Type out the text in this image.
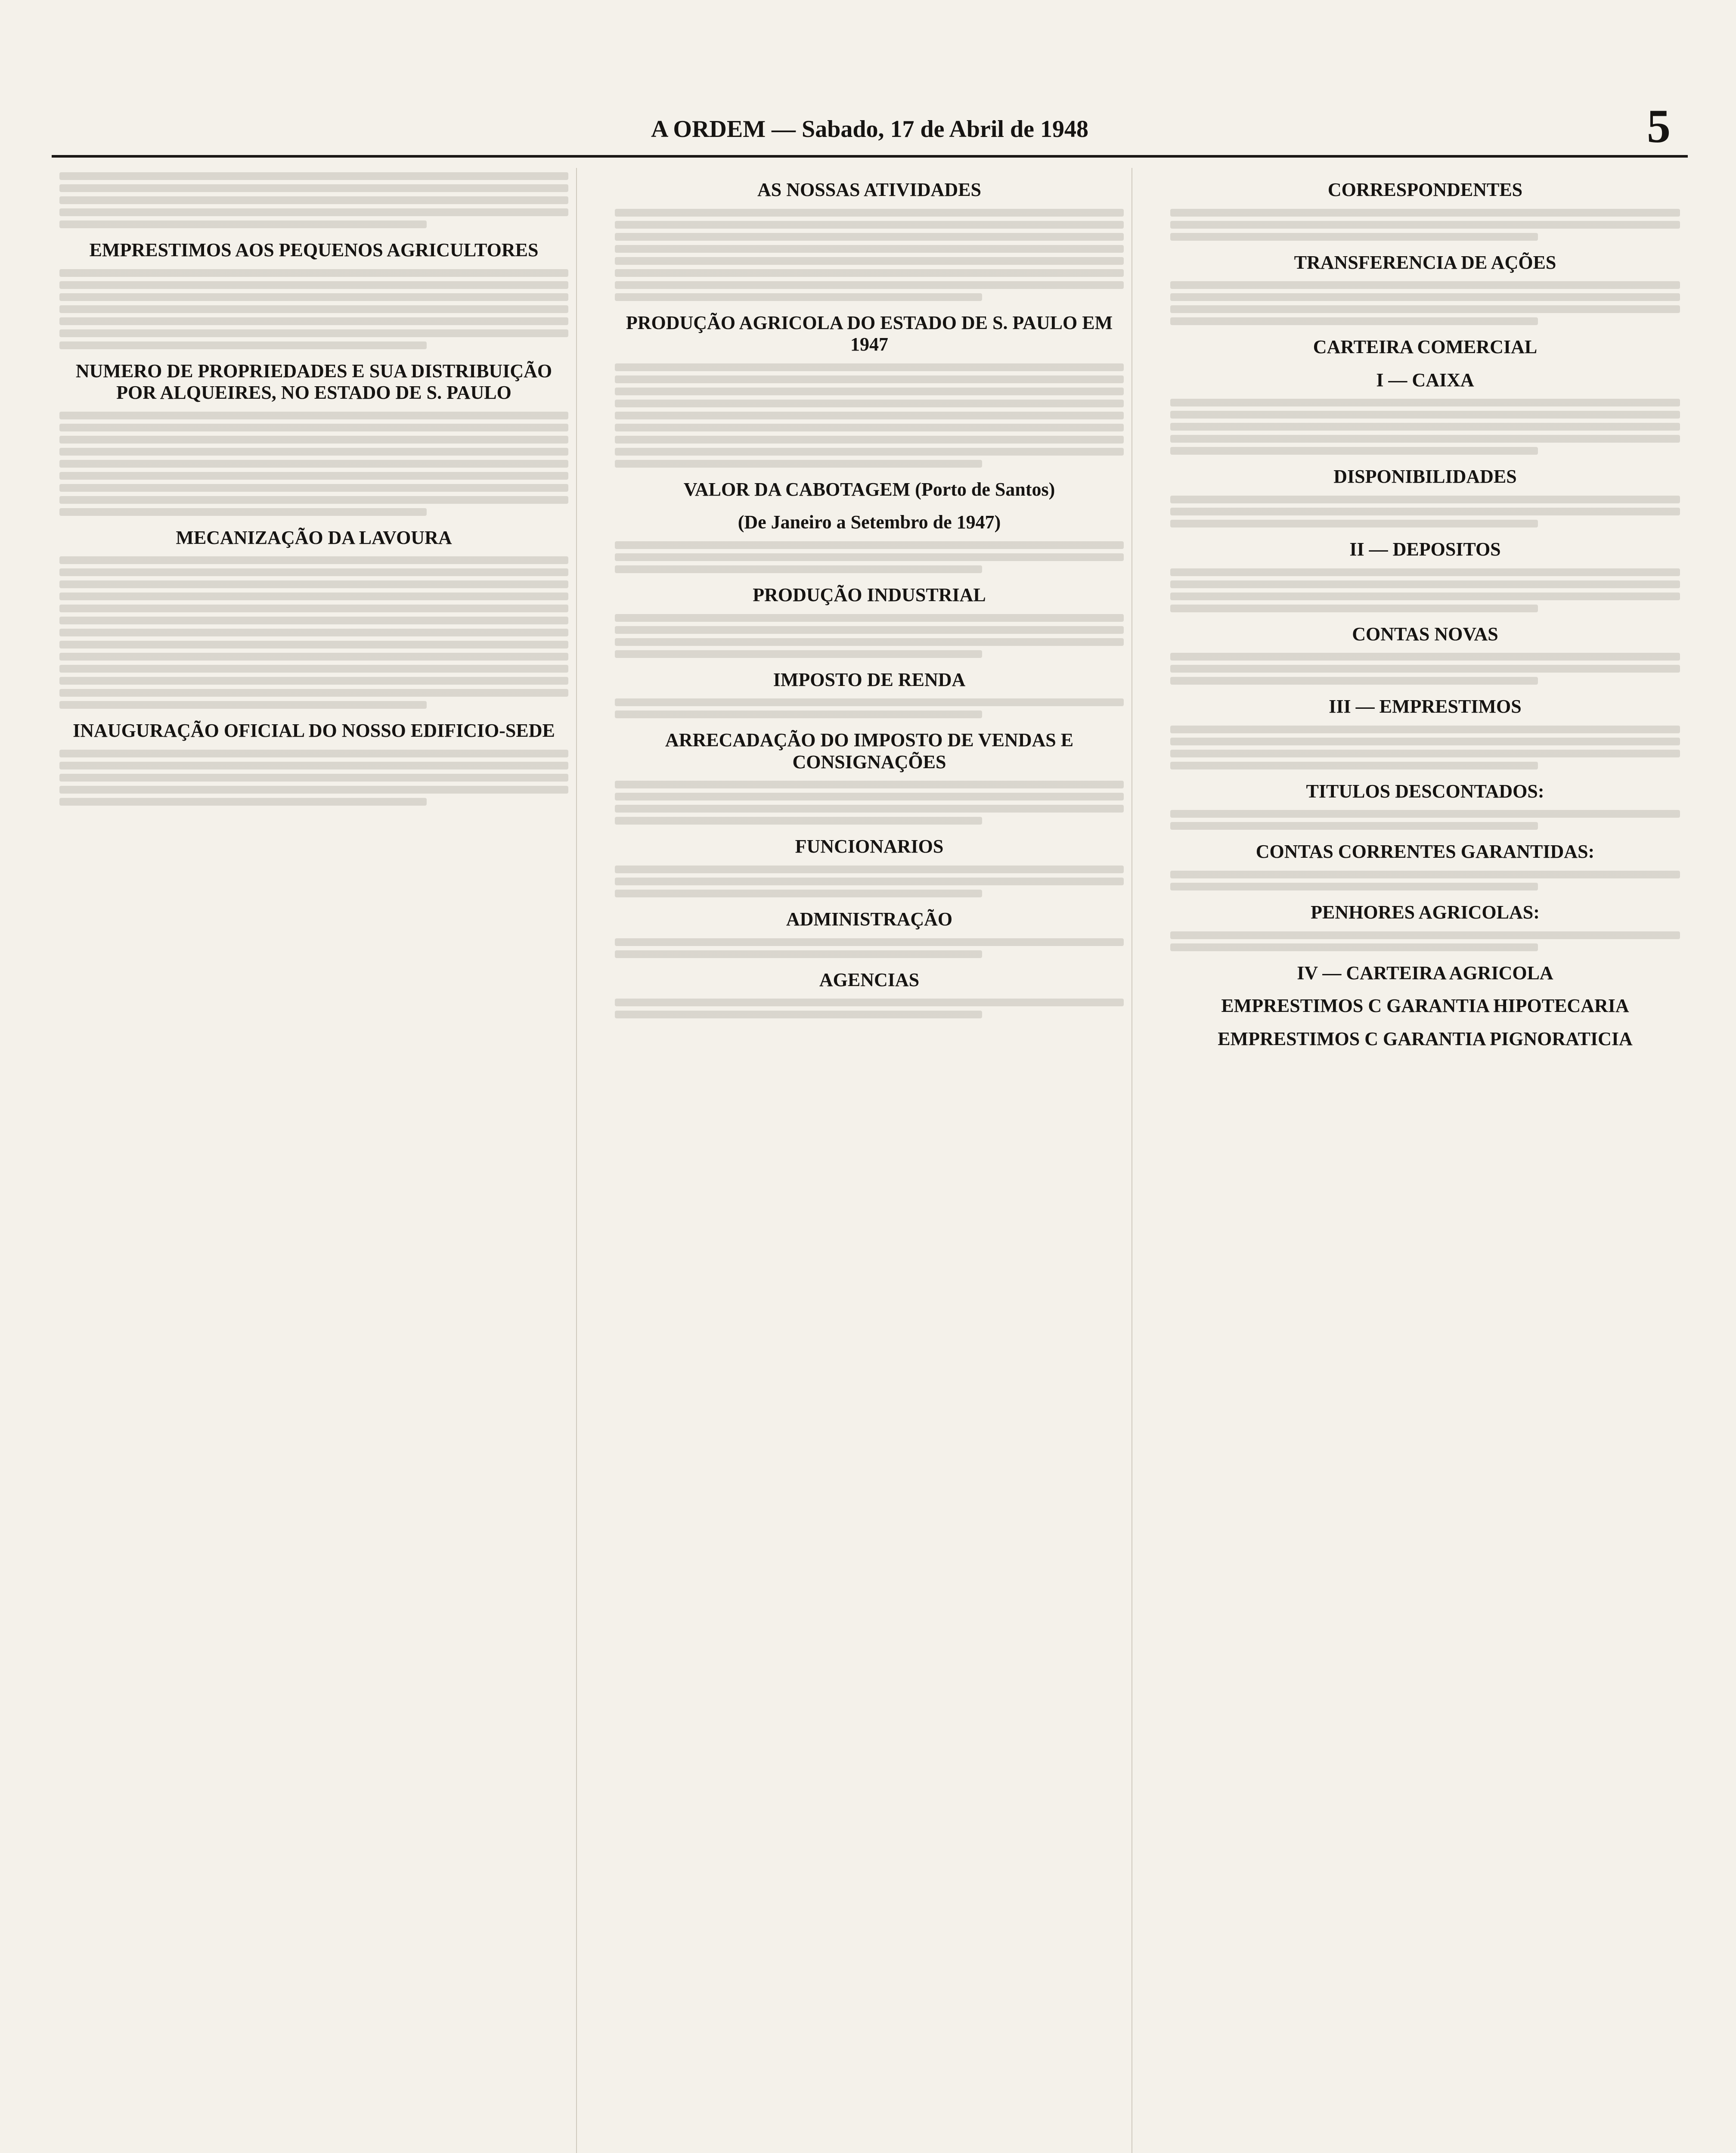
A ORDEM — Sabado, 17 de Abril de 1948	5
EMPRESTIMOS AOS PEQUENOS AGRICULTORES
NUMERO DE PROPRIEDADES E SUA DISTRIBUIÇÃO POR ALQUEIRES, NO ESTADO DE S. PAULO
MECANIZAÇÃO DA LAVOURA
INAUGURAÇÃO OFICIAL DO NOSSO EDIFICIO-SEDE
AS NOSSAS ATIVIDADES
PRODUÇÃO AGRICOLA DO ESTADO DE S. PAULO EM 1947
VALOR DA CABOTAGEM (Porto de Santos)
(De Janeiro a Setembro de 1947)
PRODUÇÃO INDUSTRIAL
IMPOSTO DE RENDA
ARRECADAÇÃO DO IMPOSTO DE VENDAS E CONSIGNAÇÕES
FUNCIONARIOS
ADMINISTRAÇÃO
AGENCIAS
CORRESPONDENTES
TRANSFERENCIA DE AÇÕES
CARTEIRA COMERCIAL
I — CAIXA
DISPONIBILIDADES
II — DEPOSITOS
CONTAS NOVAS
III — EMPRESTIMOS
TITULOS DESCONTADOS:
CONTAS CORRENTES GARANTIDAS:
PENHORES AGRICOLAS:
IV — CARTEIRA AGRICOLA
EMPRESTIMOS C GARANTIA HIPOTECARIA
EMPRESTIMOS C GARANTIA PIGNORATICIA
